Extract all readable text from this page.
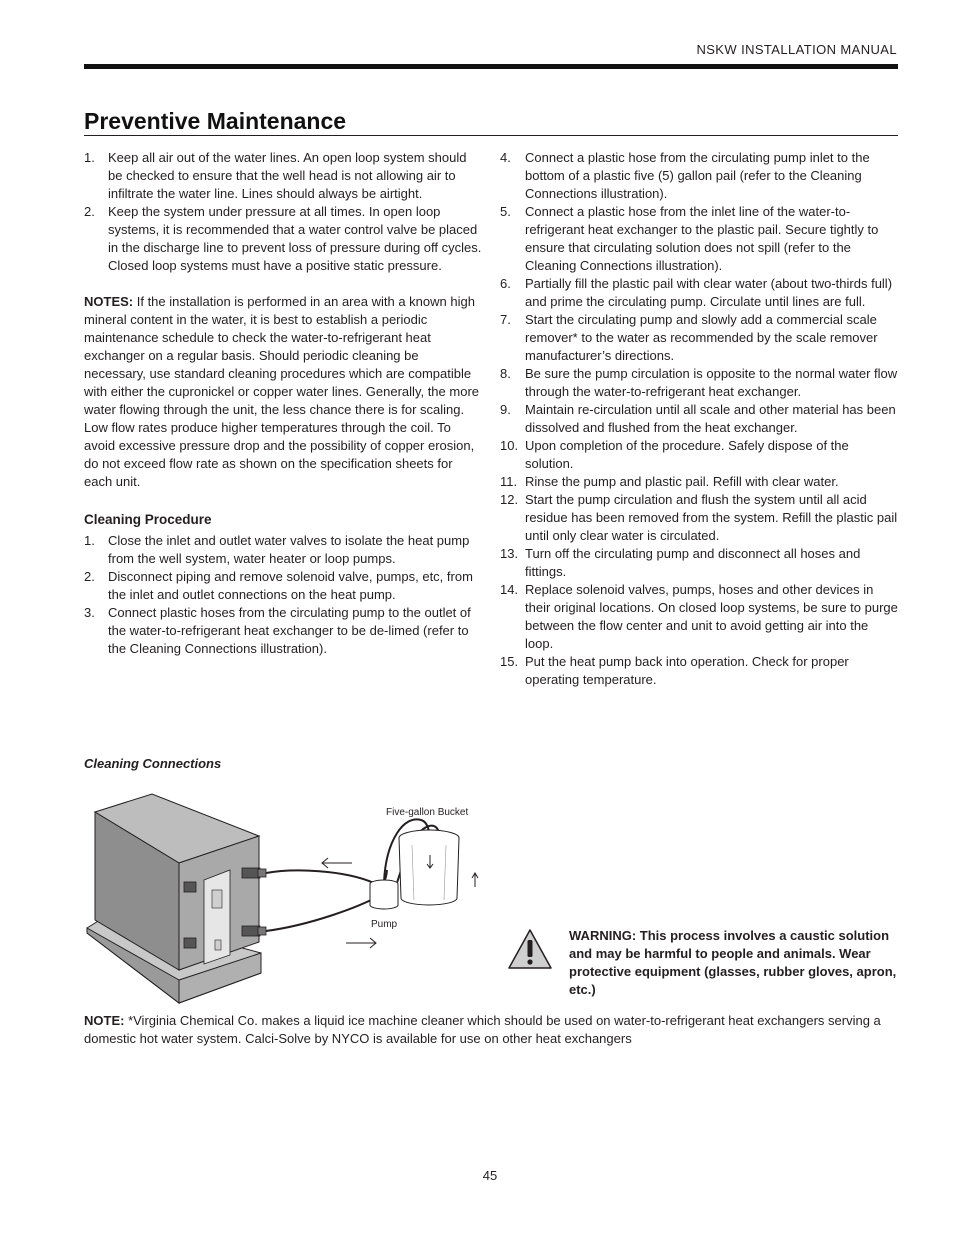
NSKW INSTALLATION MANUAL
Preventive Maintenance
1. Keep all air out of the water lines. An open loop system should be checked to ensure that the well head is not allowing air to infiltrate the water line. Lines should always be airtight.
2. Keep the system under pressure at all times. In open loop systems, it is recommended that a water control valve be placed in the discharge line to prevent loss of pressure during off cycles. Closed loop systems must have a positive static pressure.

NOTES: If the installation is performed in an area with a known high mineral content in the water, it is best to establish a periodic maintenance schedule to check the water-to-refrigerant heat exchanger on a regular basis. Should periodic cleaning be necessary, use standard cleaning procedures which are compatible with either the cupronickel or copper water lines. Generally, the more water flowing through the unit, the less chance there is for scaling. Low flow rates produce higher temperatures through the coil. To avoid excessive pressure drop and the possibility of copper erosion, do not exceed flow rate as shown on the specification sheets for each unit.

Cleaning Procedure
1. Close the inlet and outlet water valves to isolate the heat pump from the well system, water heater or loop pumps.
2. Disconnect piping and remove solenoid valve, pumps, etc, from the inlet and outlet connections on the heat pump.
3. Connect plastic hoses from the circulating pump to the outlet of the water-to-refrigerant heat exchanger to be de-limed (refer to the Cleaning Connections illustration).
4. Connect a plastic hose from the circulating pump inlet to the bottom of a plastic five (5) gallon pail (refer to the Cleaning Connections illustration).
5. Connect a plastic hose from the inlet line of the water-to-refrigerant heat exchanger to the plastic pail. Secure tightly to ensure that circulating solution does not spill (refer to the Cleaning Connections illustration).
6. Partially fill the plastic pail with clear water (about two-thirds full) and prime the circulating pump. Circulate until lines are full.
7. Start the circulating pump and slowly add a commercial scale remover* to the water as recommended by the scale remover manufacturer’s directions.
8. Be sure the pump circulation is opposite to the normal water flow through the water-to-refrigerant heat exchanger.
9. Maintain re-circulation until all scale and other material has been dissolved and flushed from the heat exchanger.
10. Upon completion of the procedure. Safely dispose of the solution.
11. Rinse the pump and plastic pail. Refill with clear water.
12. Start the pump circulation and flush the system until all acid residue has been removed from the system. Refill the plastic pail until only clear water is circulated.
13. Turn off the circulating pump and disconnect all hoses and fittings.
14. Replace solenoid valves, pumps, hoses and other devices in their original locations. On closed loop systems, be sure to purge between the flow center and unit to avoid getting air into the loop.
15. Put the heat pump back into operation. Check for proper operating temperature.
Cleaning Connections
Five-gallon Bucket
Pump
WARNING: This process involves a caustic solution and may be harmful to people and animals. Wear protective equipment (glasses, rubber gloves, apron, etc.)
NOTE: *Virginia Chemical Co. makes a liquid ice machine cleaner which should be used on water-to-refrigerant heat exchangers serving a domestic hot water system. Calci-Solve by NYCO is available for use on other heat exchangers
45
